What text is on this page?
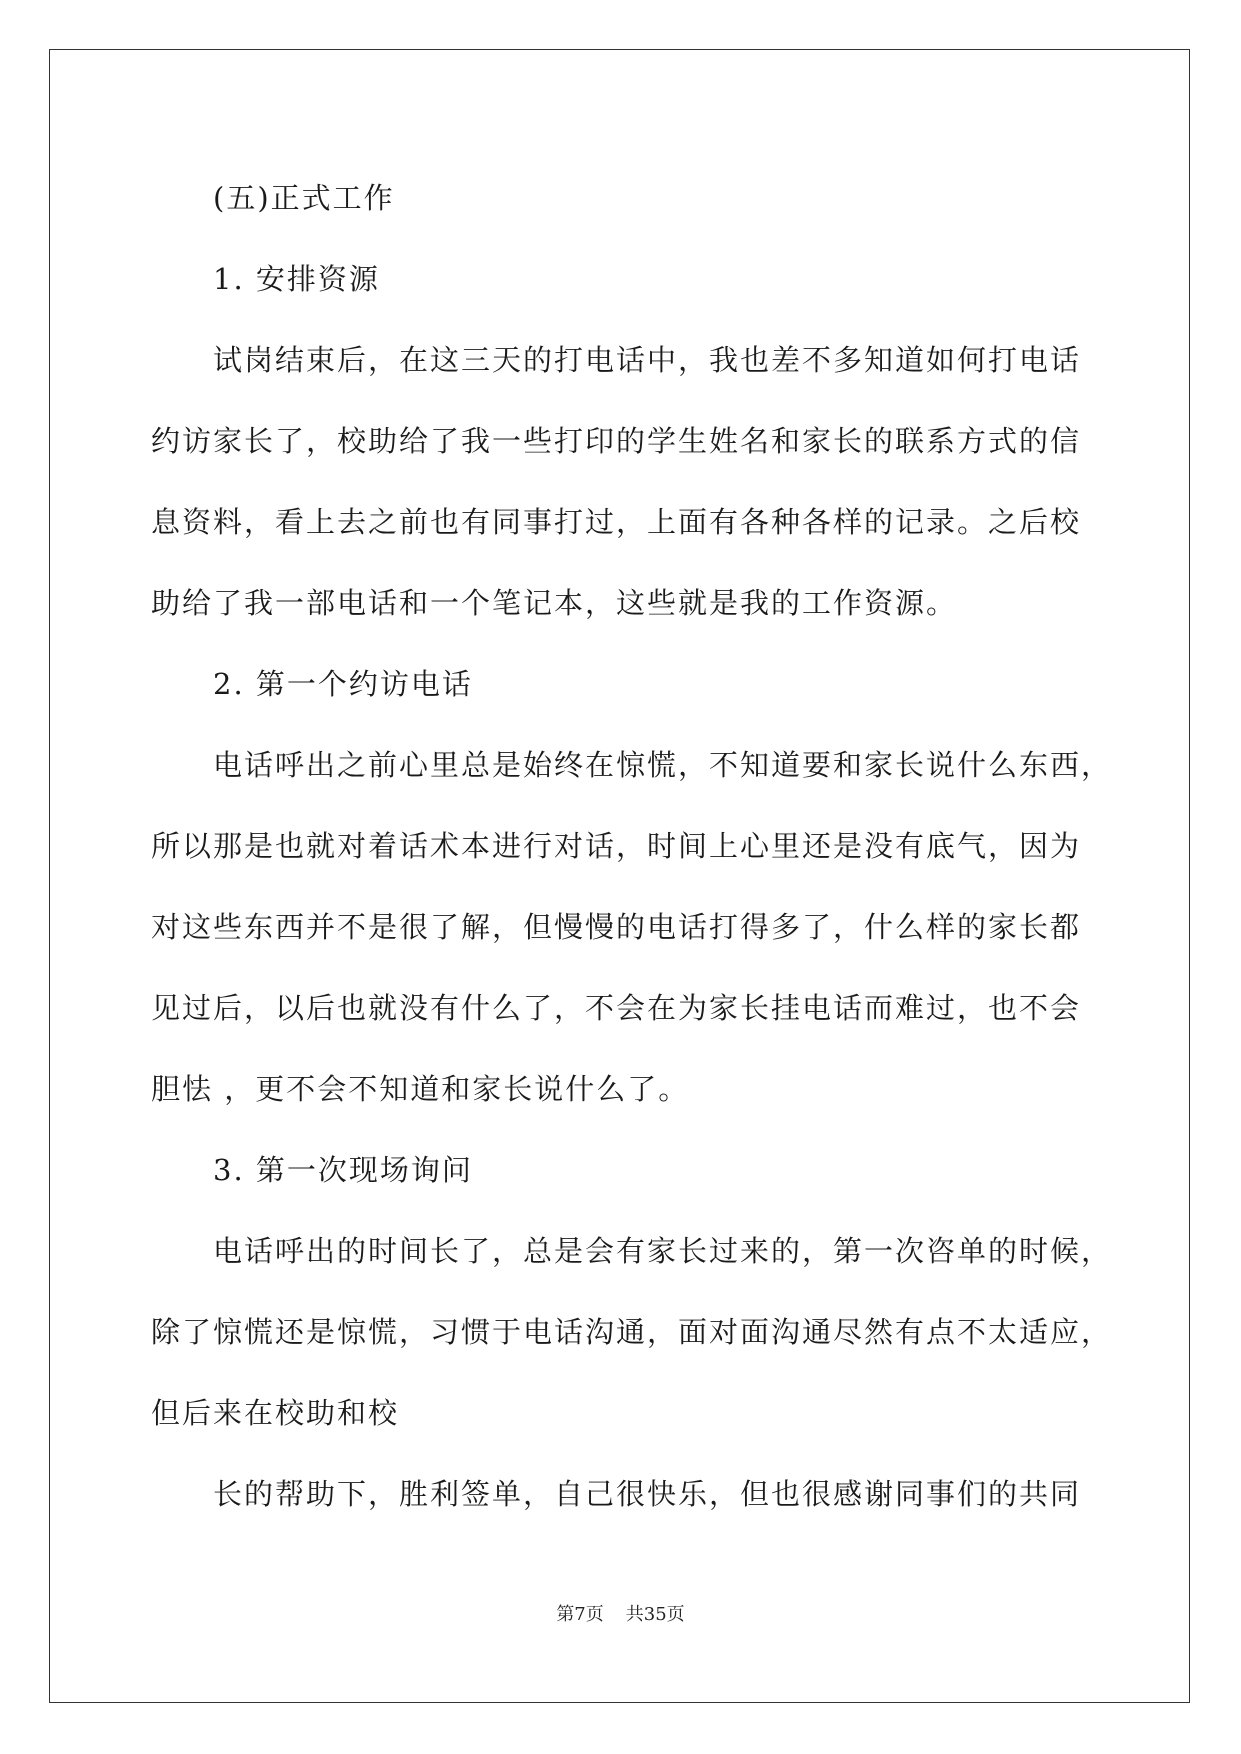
(五)正式工作
1. 安排资源
试岗结束后，在这三天的打电话中，我也差不多知道如何打电话
约访家长了，校助给了我一些打印的学生姓名和家长的联系方式的信
息资料，看上去之前也有同事打过，上面有各种各样的记录。之后校
助给了我一部电话和一个笔记本，这些就是我的工作资源。
2. 第一个约访电话
电话呼出之前心里总是始终在惊慌，不知道要和家长说什么东西，
所以那是也就对着话术本进行对话，时间上心里还是没有底气，因为
对这些东西并不是很了解，但慢慢的电话打得多了，什么样的家长都
见过后，以后也就没有什么了，不会在为家长挂电话而难过，也不会
胆怯 ，更不会不知道和家长说什么了。
3. 第一次现场询问
电话呼出的时间长了，总是会有家长过来的，第一次咨单的时候，
除了惊慌还是惊慌，习惯于电话沟通，面对面沟通尽然有点不太适应，
但后来在校助和校
长的帮助下，胜利签单，自己很快乐，但也很感谢同事们的共同
第7页 共35页
